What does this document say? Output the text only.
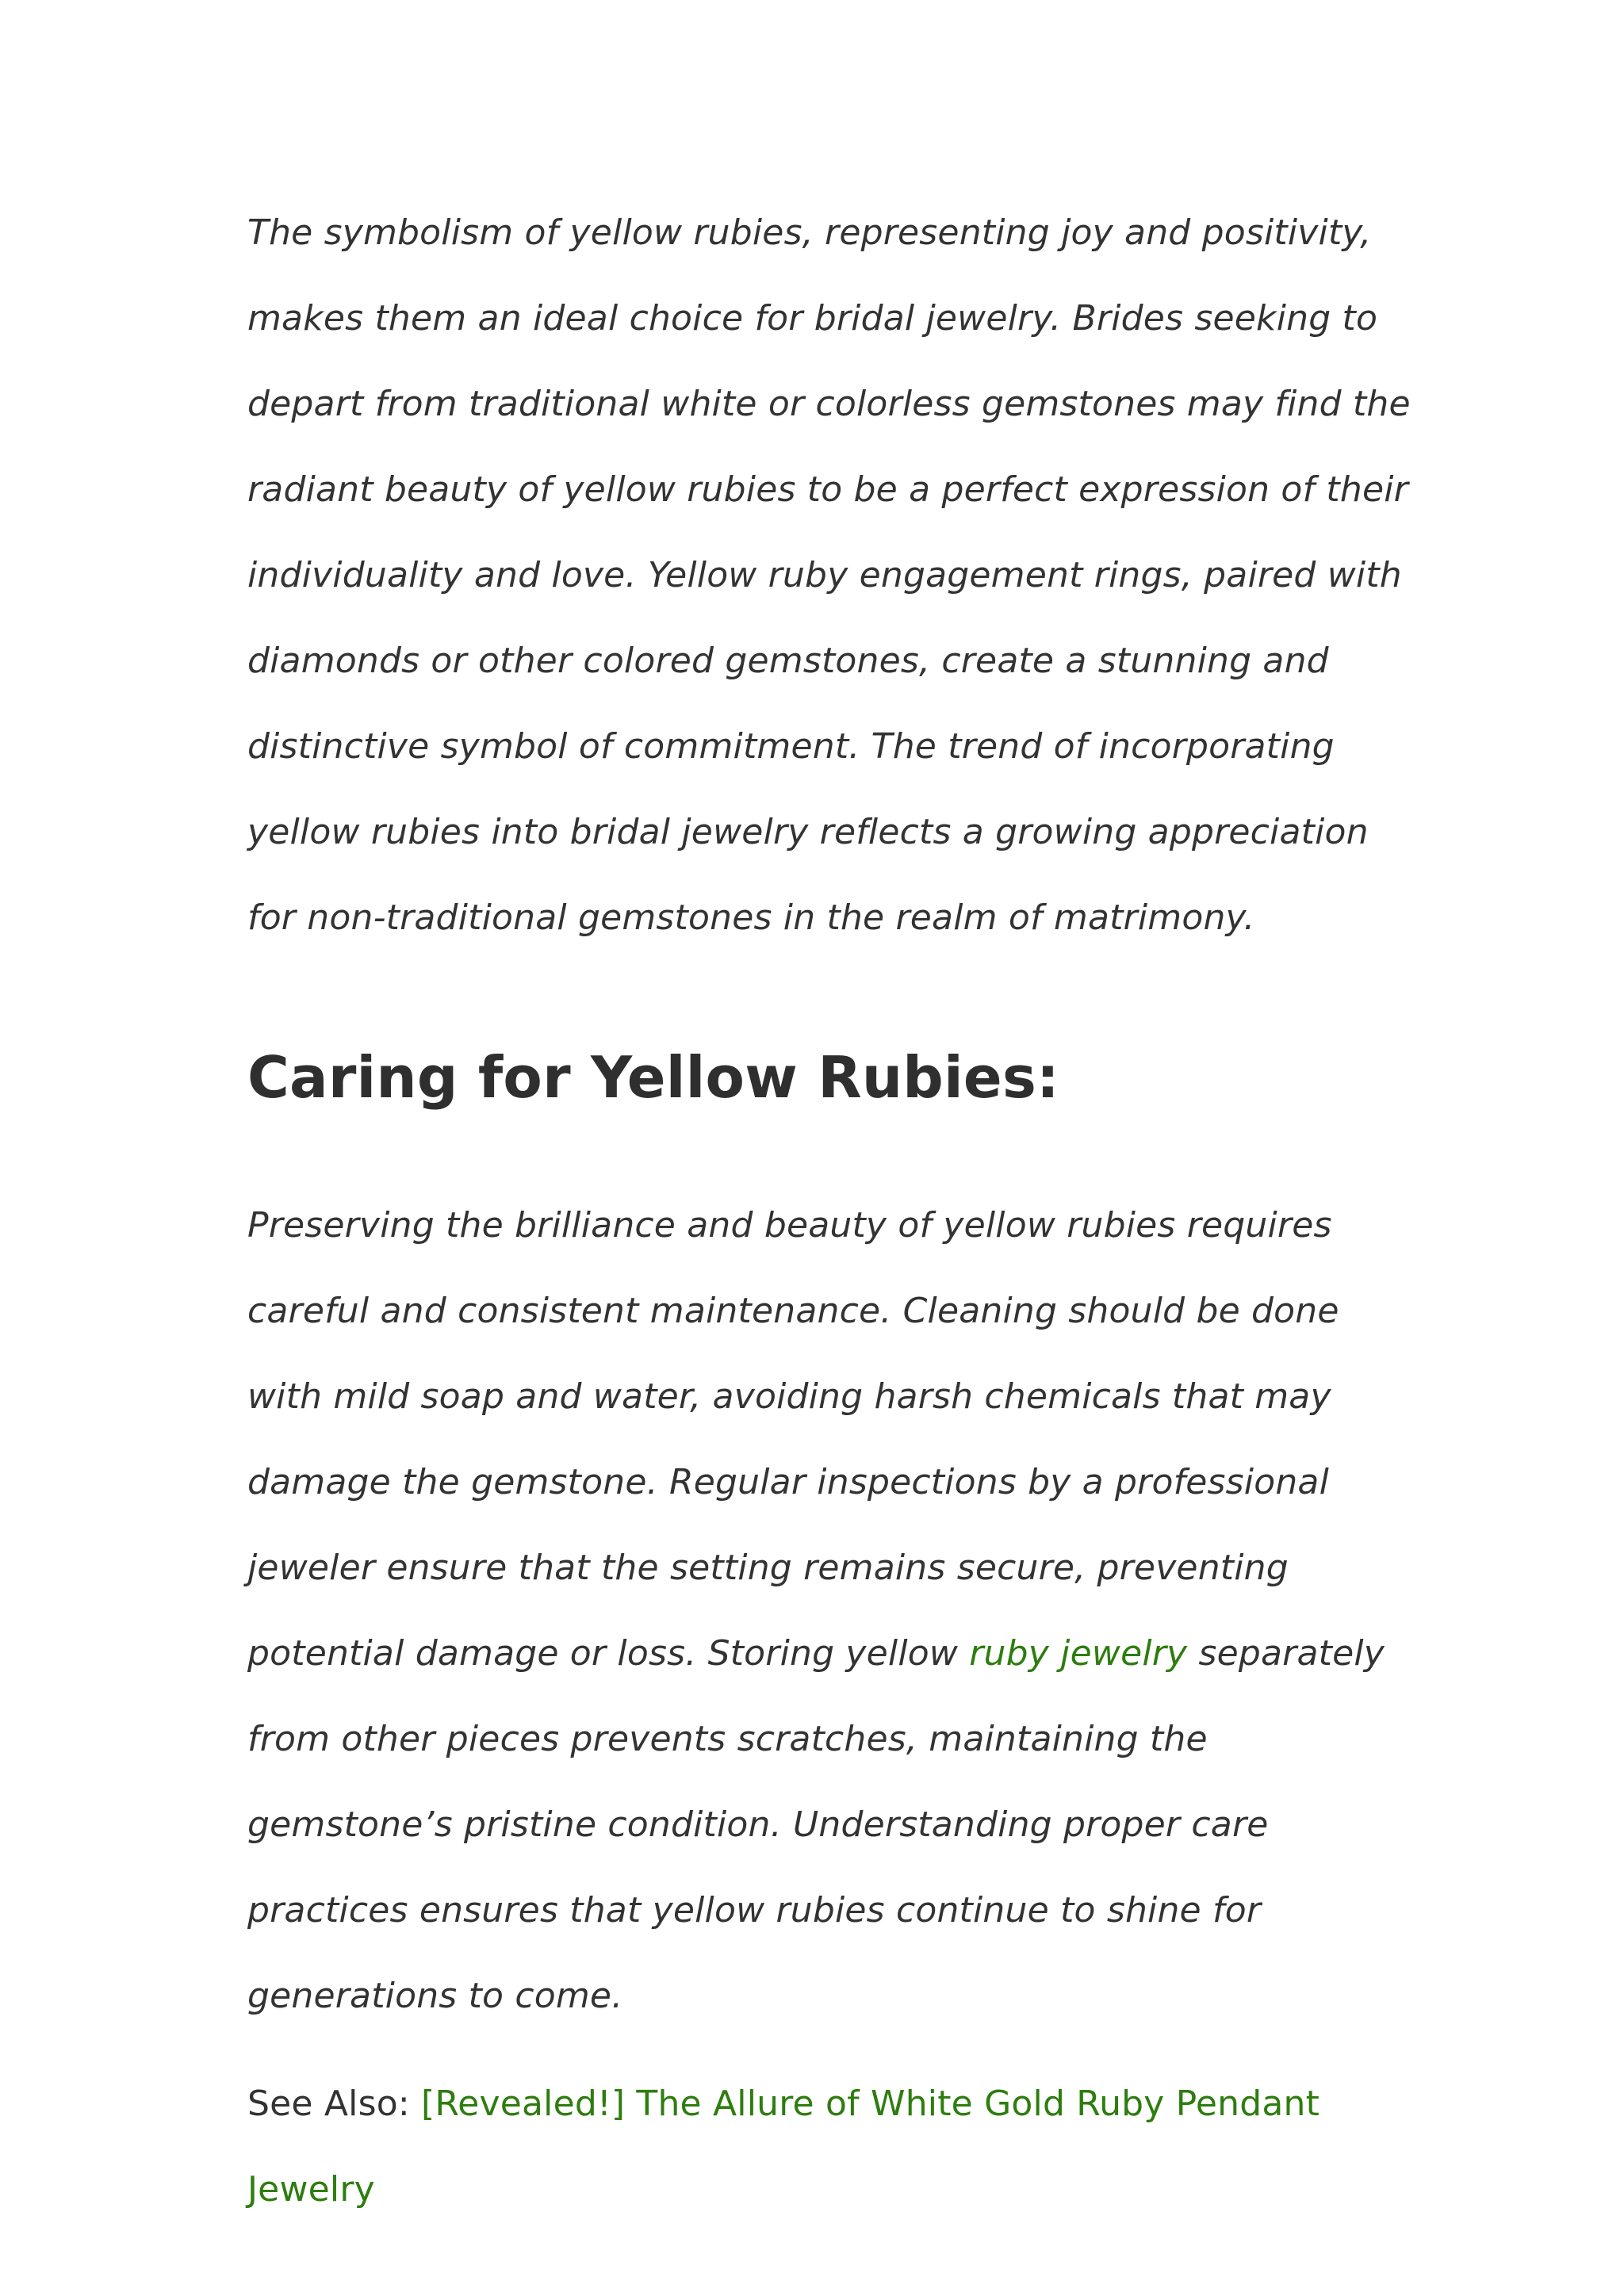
The symbolism of yellow rubies, representing joy and positivity, makes them an ideal choice for bridal jewelry. Brides seeking to depart from traditional white or colorless gemstones may find the radiant beauty of yellow rubies to be a perfect expression of their individuality and love. Yellow ruby engagement rings, paired with diamonds or other colored gemstones, create a stunning and distinctive symbol of commitment. The trend of incorporating yellow rubies into bridal jewelry reflects a growing appreciation for non-traditional gemstones in the realm of matrimony.

Caring for Yellow Rubies:

Preserving the brilliance and beauty of yellow rubies requires careful and consistent maintenance. Cleaning should be done with mild soap and water, avoiding harsh chemicals that may damage the gemstone. Regular inspections by a professional jeweler ensure that the setting remains secure, preventing potential damage or loss. Storing yellow ruby jewelry separately from other pieces prevents scratches, maintaining the gemstone’s pristine condition. Understanding proper care practices ensures that yellow rubies continue to shine for generations to come.

See Also: [Revealed!] The Allure of White Gold Ruby Pendant Jewelry
